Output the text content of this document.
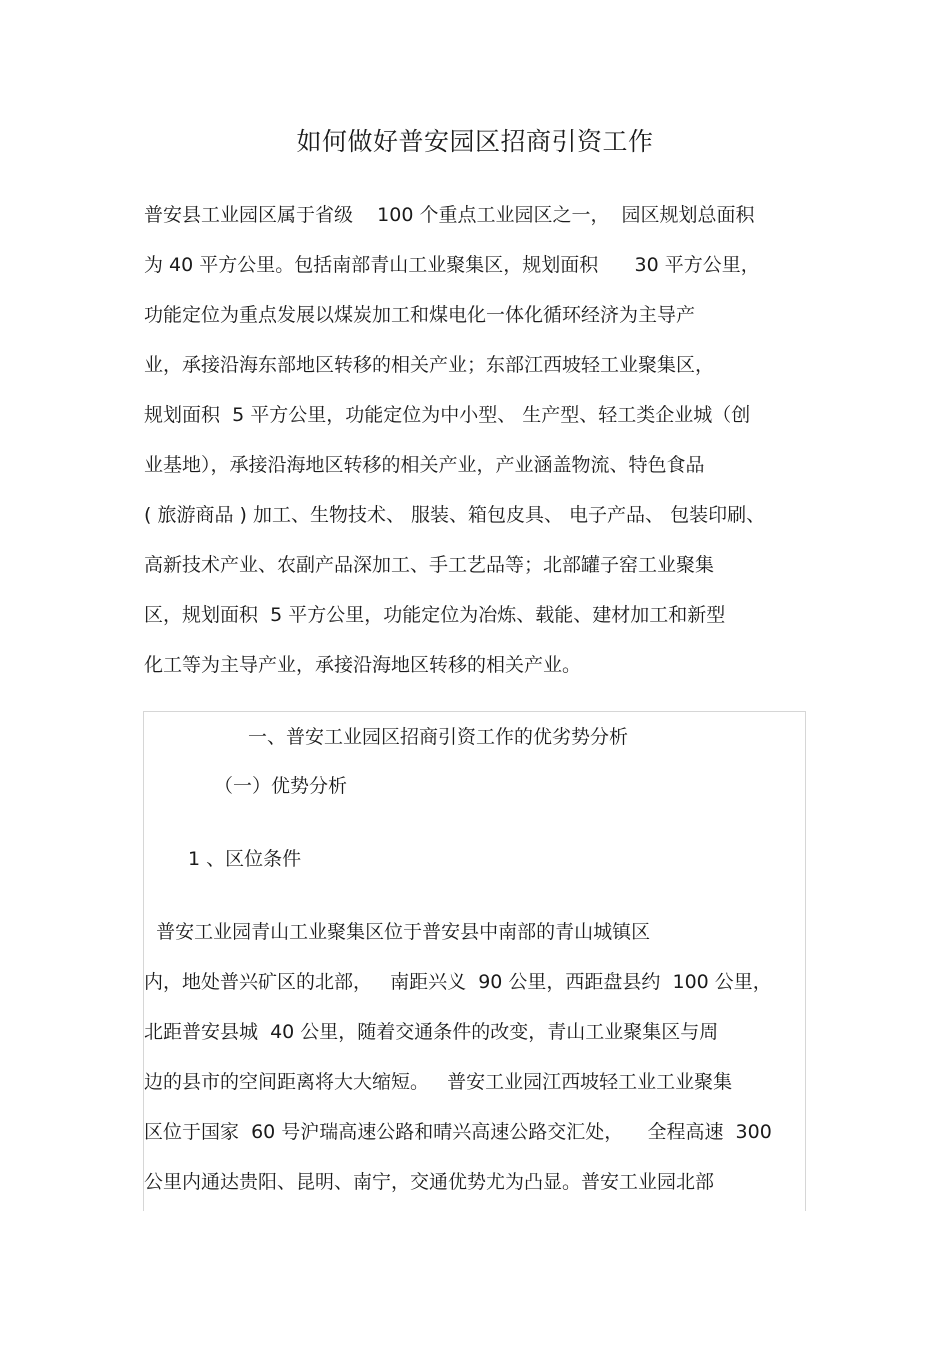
如何做好普安园区招商引资工作
普安县工业园区属于省级    100 个重点工业园区之一，  园区规划总面积
为 40 平方公里。包括南部青山工业聚集区，规划面积      30 平方公里，
功能定位为重点发展以煤炭加工和煤电化一体化循环经济为主导产
业，承接沿海东部地区转移的相关产业；东部江西坡轻工业聚集区，
规划面积  5 平方公里，功能定位为中小型、 生产型、轻工类企业城（创
业基地），承接沿海地区转移的相关产业，产业涵盖物流、特色食品
( 旅游商品 ) 加工、生物技术、 服装、箱包皮具、 电子产品、 包装印刷、
高新技术产业、农副产品深加工、手工艺品等；北部罐子窑工业聚集
区，规划面积  5 平方公里，功能定位为冶炼、载能、建材加工和新型
化工等为主导产业，承接沿海地区转移的相关产业。
一、普安工业园区招商引资工作的优劣势分析
（一）优势分析
1 、区位条件
普安工业园青山工业聚集区位于普安县中南部的青山城镇区
内，地处普兴矿区的北部，   南距兴义  90 公里，西距盘县约  100 公里，
北距普安县城  40 公里，随着交通条件的改变，青山工业聚集区与周
边的县市的空间距离将大大缩短。   普安工业园江西坡轻工业工业聚集
区位于国家  60 号沪瑞高速公路和晴兴高速公路交汇处，    全程高速  300
公里内通达贵阳、昆明、南宁，交通优势尤为凸显。普安工业园北部
